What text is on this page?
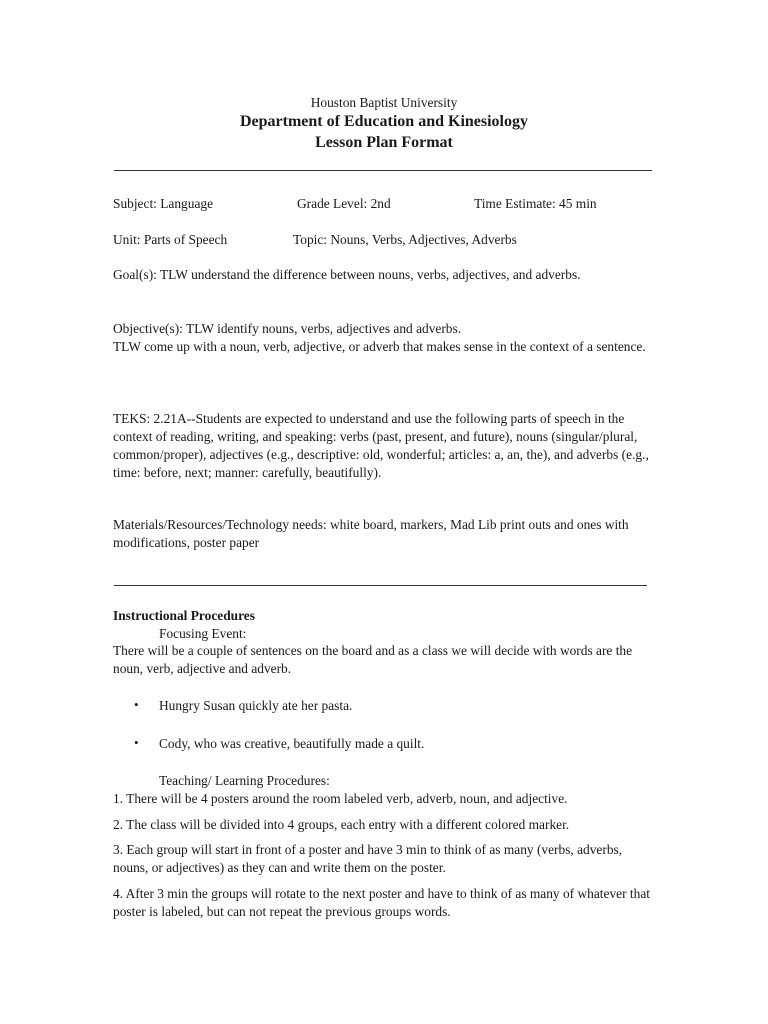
Houston Baptist University
Department of Education and Kinesiology
Lesson Plan Format
Subject: Language	Grade Level: 2nd	Time Estimate: 45 min
Unit: Parts of Speech	Topic: Nouns, Verbs, Adjectives, Adverbs
Goal(s): TLW understand the difference between nouns, verbs, adjectives, and adverbs.
Objective(s): TLW identify nouns, verbs, adjectives and adverbs.
TLW come up with a noun, verb, adjective, or adverb that makes sense in the context of a sentence.
TEKS: 2.21A--Students are expected to understand and use the following parts of speech in the context of reading, writing, and speaking: verbs (past, present, and future), nouns (singular/plural, common/proper), adjectives (e.g., descriptive: old, wonderful; articles: a, an, the), and adverbs (e.g., time: before, next; manner: carefully, beautifully).
Materials/Resources/Technology needs: white board, markers, Mad Lib print outs and ones with modifications, poster paper
Instructional Procedures
Focusing Event:
There will be a couple of sentences on the board and as a class we will decide with words are the noun, verb, adjective and adverb.
• Hungry Susan quickly ate her pasta.
• Cody, who was creative, beautifully made a quilt.
Teaching/ Learning Procedures:
1. There will be 4 posters around the room labeled verb, adverb, noun, and adjective.
2. The class will be divided into 4 groups, each entry with a different colored marker.
3. Each group will start in front of a poster and have 3 min to think of as many (verbs, adverbs, nouns, or adjectives) as they can and write them on the poster.
4. After 3 min the groups will rotate to the next poster and have to think of as many of whatever that poster is labeled, but can not repeat the previous groups words.
